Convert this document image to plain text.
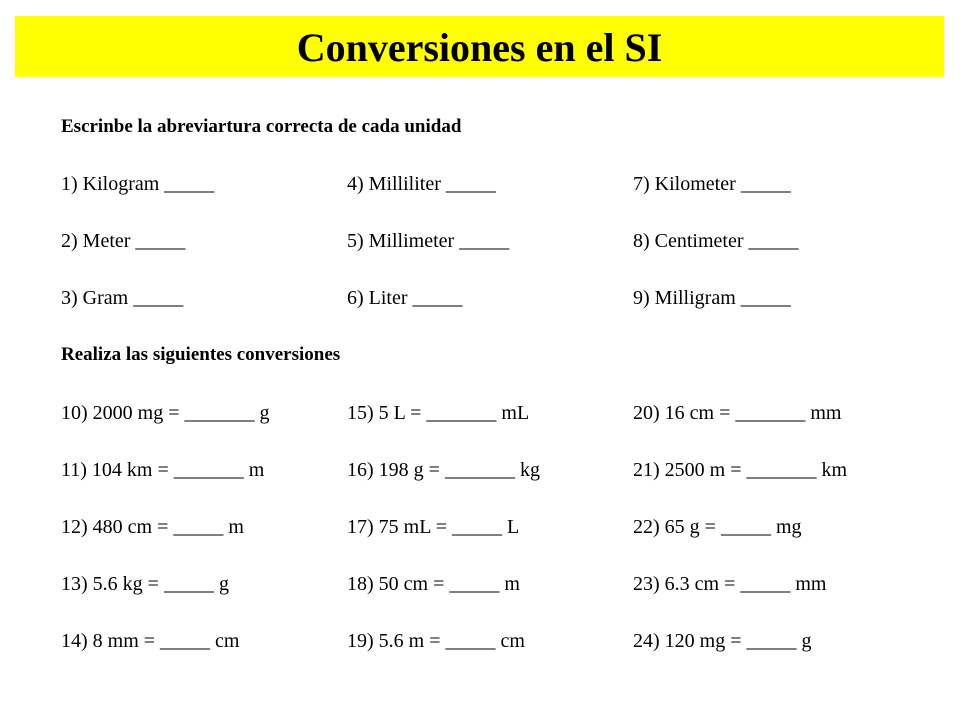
Conversiones en el SI
Escrinbe la abreviartura correcta de cada unidad
1) Kilogram _____
2) Meter _____
3) Gram _____
4) Milliliter _____
5) Millimeter _____
6) Liter _____
7) Kilometer _____
8) Centimeter _____
9) Milligram _____
Realiza las siguientes conversiones
10) 2000 mg = _______ g
11) 104 km = _______ m
12) 480 cm = _____ m
13) 5.6 kg = _____ g
14) 8 mm = _____ cm
15) 5 L = _______ mL
16) 198 g = _______ kg
17) 75 mL = _____ L
18) 50 cm = _____ m
19) 5.6 m = _____ cm
20) 16 cm = _______ mm
21) 2500 m = _______ km
22) 65 g = _____ mg
23) 6.3 cm = _____ mm
24) 120 mg = _____ g
